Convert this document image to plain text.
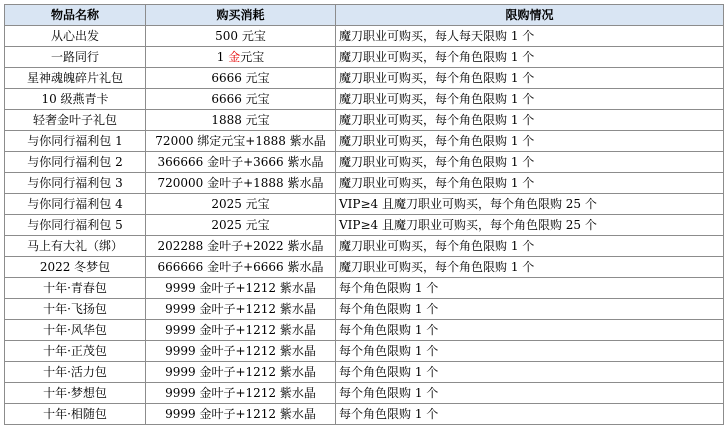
物品名称	购买消耗	限购情况
从心出发	500 元宝	魔刀职业可购买，每人每天限购 1 个
一路同行	1 金元宝	魔刀职业可购买，每个角色限购 1 个
星神魂魄碎片礼包	6666 元宝	魔刀职业可购买，每个角色限购 1 个
10 级燕青卡	6666 元宝	魔刀职业可购买，每个角色限购 1 个
轻奢金叶子礼包	1888 元宝	魔刀职业可购买，每个角色限购 1 个
与你同行福利包 1	72000 绑定元宝+1888 紫水晶	魔刀职业可购买，每个角色限购 1 个
与你同行福利包 2	366666 金叶子+3666 紫水晶	魔刀职业可购买，每个角色限购 1 个
与你同行福利包 3	720000 金叶子+1888 紫水晶	魔刀职业可购买，每个角色限购 1 个
与你同行福利包 4	2025 元宝	VIP≥4 且魔刀职业可购买，每个角色限购 25 个
与你同行福利包 5	2025 元宝	VIP≥4 且魔刀职业可购买，每个角色限购 25 个
马上有大礼（绑）	202288 金叶子+2022 紫水晶	魔刀职业可购买，每个角色限购 1 个
2022 冬梦包	666666 金叶子+6666 紫水晶	魔刀职业可购买，每个角色限购 1 个
十年·青春包	9999 金叶子+1212 紫水晶	每个角色限购 1 个
十年·飞扬包	9999 金叶子+1212 紫水晶	每个角色限购 1 个
十年·风华包	9999 金叶子+1212 紫水晶	每个角色限购 1 个
十年·正茂包	9999 金叶子+1212 紫水晶	每个角色限购 1 个
十年·活力包	9999 金叶子+1212 紫水晶	每个角色限购 1 个
十年·梦想包	9999 金叶子+1212 紫水晶	每个角色限购 1 个
十年·相随包	9999 金叶子+1212 紫水晶	每个角色限购 1 个
